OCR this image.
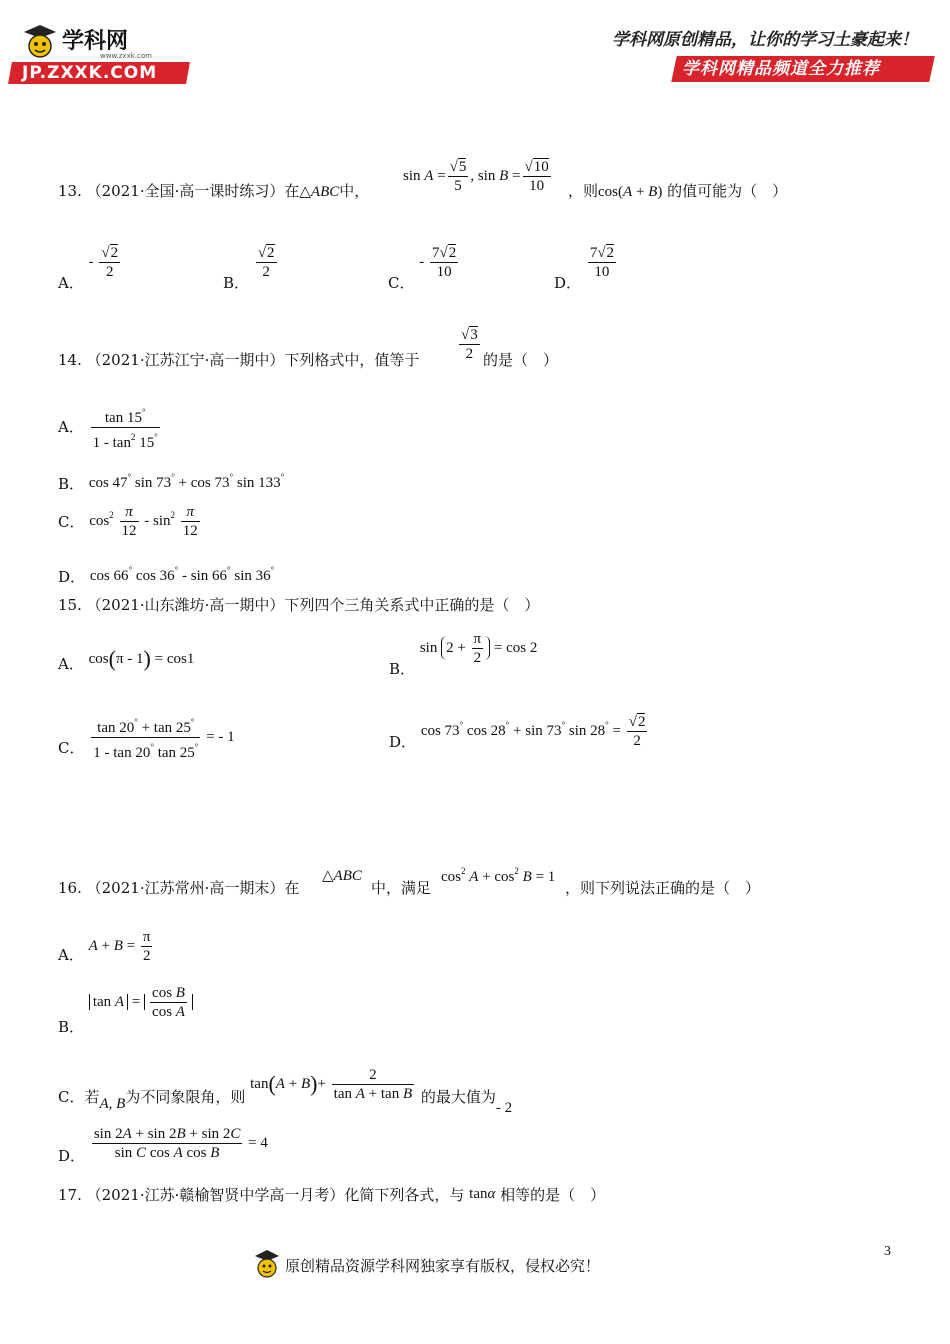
学科网
www.zxxk.com
JP.ZXXK.COM
学科网原创精品，让你的学习土豪起来！
学科网精品频道全力推荐
13. （2021·全国·高一课时练习）在△ABC中，
$\sin A = \frac{√5}{5}$ , $\sin B = \frac{√10}{10}$ ，则cos(A + B) 的值可能为（　）
A． - $\frac{√2}{2}$
B．
$\frac{√2}{2}$
C． - $\frac{7√2}{10}$
D．
$\frac{7√2}{10}$
14. （2021·江苏江宁·高一期中）下列格式中，值等于	$\frac{√3}{2}$ 的是（　）
A． $\frac{\tan 15^\circ}{1 - \tan^2 15^\circ}$
B． cos 47° sin 73° + cos 73° sin 133°
C． $\cos^2 \frac{\pi}{12} - \sin^2 \frac{\pi}{12}$
D． cos 66° cos 36° - sin 66° sin 36°
15. （2021·山东潍坊·高一期中）下列四个三角关系式中正确的是（　）
A． cos(π - 1) = cos1
B． $\sin 2 + \frac{\pi}{2} = \cos 2$
C． $\frac{\tan 20^\circ + \tan 25^\circ}{1 - \tan 20^\circ \tan 25^\circ}$ = - 1	D． cos 73° cos 28° + sin 73° $\sin 28^\circ = \frac{√2}{2}$
16. （2021·江苏常州·高一期末）在
△ABC
中，满足
$\cos^2 A + \cos^2 B = 1$
，则下列说法正确的是（　）
A． $A + B = \frac{\pi}{2}$
B． $\tan A = \frac{\text{cos B}}{\text{cos A}}$
C．若A, B为不同象限角，则 $\tan(A + B)+ \frac{2}{\text{tan A + tan B}}$ 的最大值为- 2
D． $\frac{\sin 2A + \sin 2B + \sin 2C}{\text{sin C cos A cos B}} = 4$
17. （2021·江苏·赣榆智贤中学高一月考）化简下列各式，与 tanα 相等的是（　）
3
原创精品资源学科网独家享有版权，侵权必究！
